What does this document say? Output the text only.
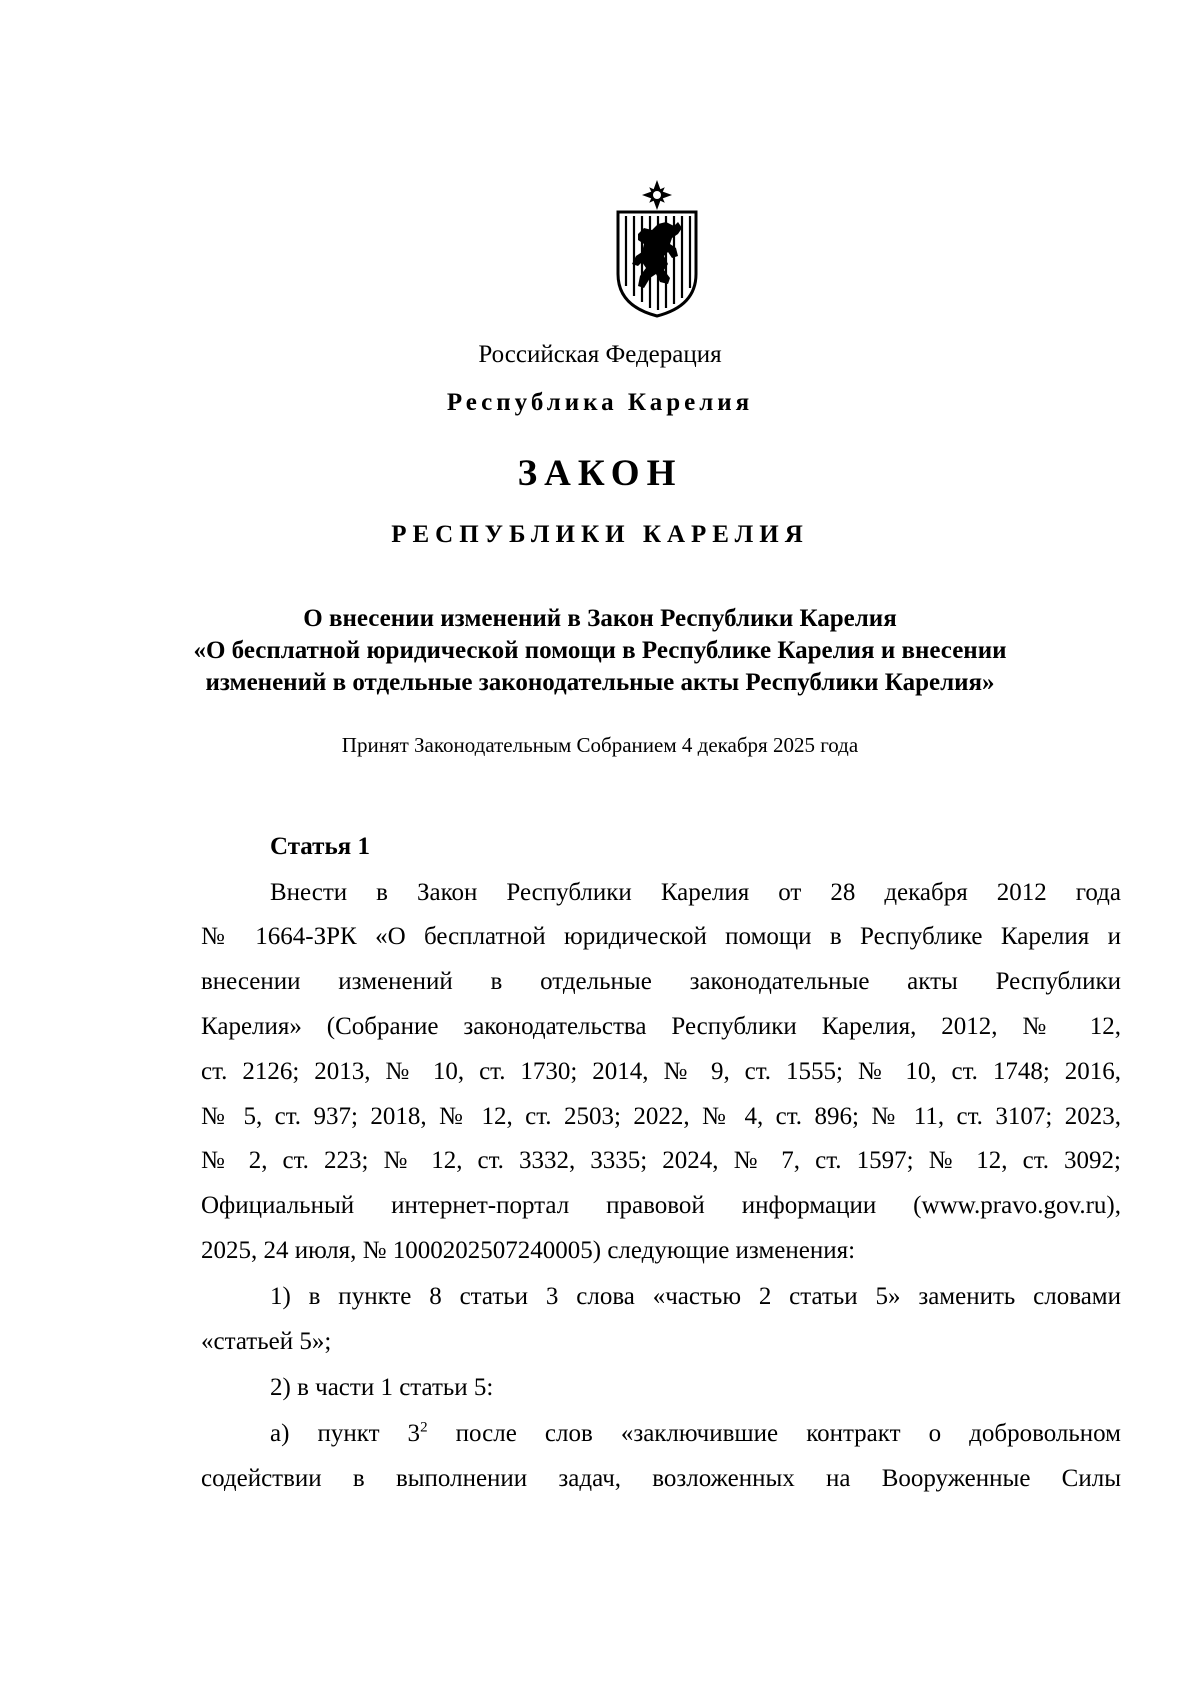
Российская Федерация
Республика Карелия
ЗАКОН
РЕСПУБЛИКИ КАРЕЛИЯ
О внесении изменений в Закон Республики Карелия
«О бесплатной юридической помощи в Республике Карелия и внесении
изменений в отдельные законодательные акты Республики Карелия»
Принят Законодательным Собранием 4 декабря 2025 года
Статья 1
Внести в Закон Республики Карелия от 28 декабря 2012 года
№ 1664-ЗРК «О бесплатной юридической помощи в Республике Карелия и
внесении изменений в отдельные законодательные акты Республики
Карелия» (Собрание законодательства Республики Карелия, 2012, № 12,
ст. 2126; 2013, № 10, ст. 1730; 2014, № 9, ст. 1555; № 10, ст. 1748; 2016,
№ 5, ст. 937; 2018, № 12, ст. 2503; 2022, № 4, ст. 896; № 11, ст. 3107; 2023,
№ 2, ст. 223; № 12, ст. 3332, 3335; 2024, № 7, ст. 1597; № 12, ст. 3092;
Официальный интернет-портал правовой информации (www.pravo.gov.ru),
2025, 24 июля, № 1000202507240005) следующие изменения:
1) в пункте 8 статьи 3 слова «частью 2 статьи 5» заменить словами
«статьей 5»;
2) в части 1 статьи 5:
а) пункт $3^2$ после слов «заключившие контракт о добровольном
содействии в выполнении задач, возложенных на Вооруженные Силы
